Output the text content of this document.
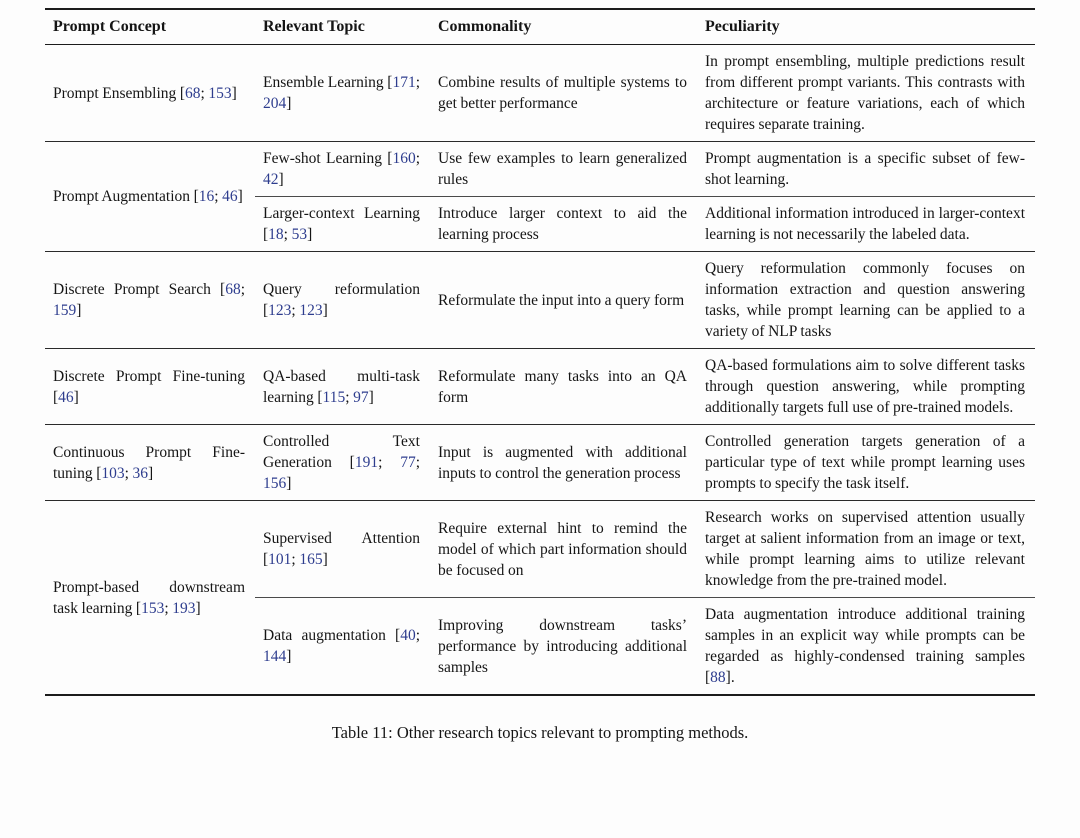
Prompt Concept	Relevant Topic	Commonality	Peculiarity
Prompt Ensembling [68; 153]	Ensemble Learning [171; 204]	Combine results of multiple systems to get better performance	In prompt ensembling, multiple predictions result from different prompt variants. This contrasts with architecture or feature variations, each of which requires separate training.
Prompt Augmentation [16; 46]	Few-shot Learning [160; 42]	Use few examples to learn generalized rules	Prompt augmentation is a specific subset of few-shot learning.
	Larger-context Learning [18; 53]	Introduce larger context to aid the learning process	Additional information introduced in larger-context learning is not necessarily the labeled data.
Discrete Prompt Search [68; 159]	Query reformulation [123; 123]	Reformulate the input into a query form	Query reformulation commonly focuses on information extraction and question answering tasks, while prompt learning can be applied to a variety of NLP tasks
Discrete Prompt Fine-tuning [46]	QA-based multi-task learning [115; 97]	Reformulate many tasks into an QA form	QA-based formulations aim to solve different tasks through question answering, while prompting additionally targets full use of pre-trained models.
Continuous Prompt Fine-tuning [103; 36]	Controlled Text Generation [191; 77; 156]	Input is augmented with additional inputs to control the generation process	Controlled generation targets generation of a particular type of text while prompt learning uses prompts to specify the task itself.
Prompt-based downstream task learning [153; 193]	Supervised Attention [101; 165]	Require external hint to remind the model of which part information should be focused on	Research works on supervised attention usually target at salient information from an image or text, while prompt learning aims to utilize relevant knowledge from the pre-trained model.
	Data augmentation [40; 144]	Improving downstream tasks’ performance by introducing additional samples	Data augmentation introduce additional training samples in an explicit way while prompts can be regarded as highly-condensed training samples [88].
Table 11: Other research topics relevant to prompting methods.
